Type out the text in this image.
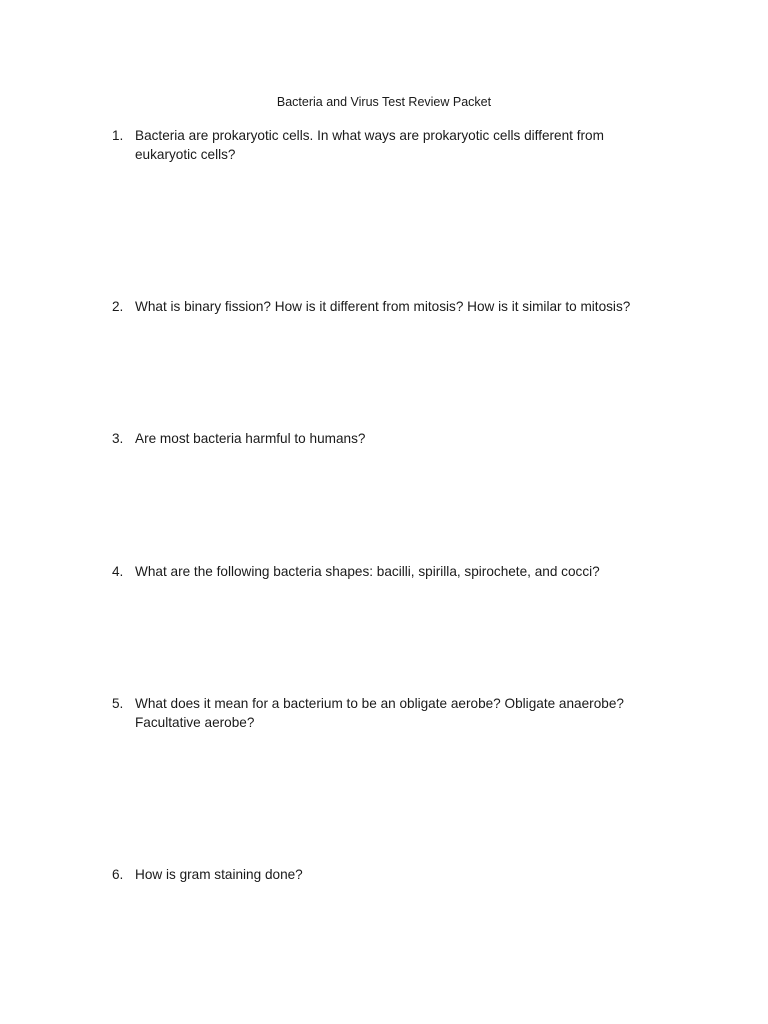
Bacteria and Virus Test Review Packet
1. Bacteria are prokaryotic cells. In what ways are prokaryotic cells different from eukaryotic cells?
2. What is binary fission? How is it different from mitosis? How is it similar to mitosis?
3. Are most bacteria harmful to humans?
4. What are the following bacteria shapes: bacilli, spirilla, spirochete, and cocci?
5. What does it mean for a bacterium to be an obligate aerobe? Obligate anaerobe? Facultative aerobe?
6. How is gram staining done?
